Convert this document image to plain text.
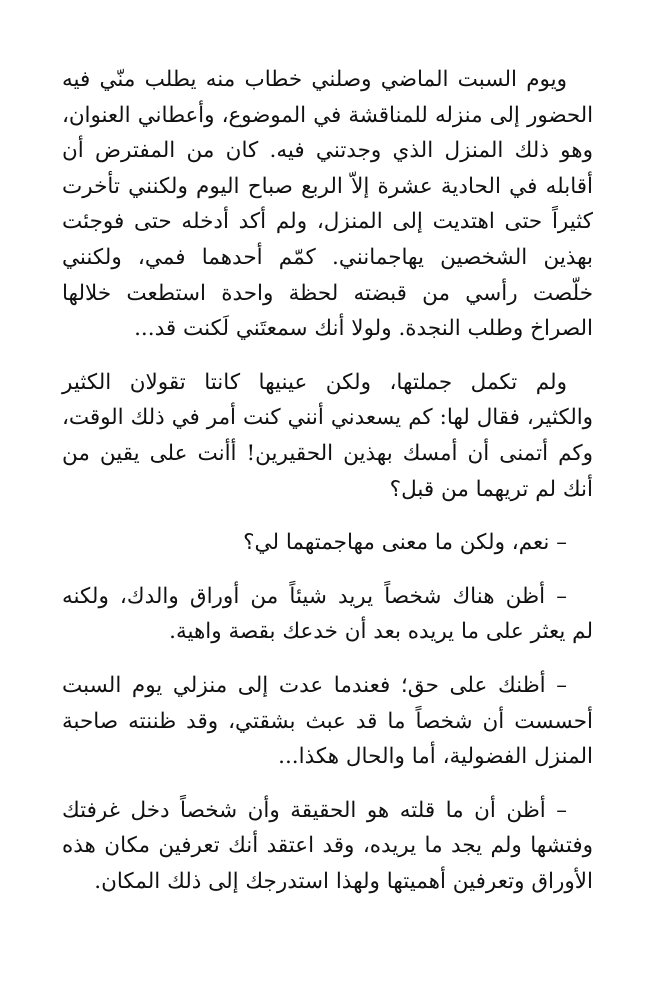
ويوم السبت الماضي وصلني خطاب منه يطلب منّي فيه
الحضور إلى منزله للمناقشة في الموضوع، وأعطاني العنوان،
وهو ذلك المنزل الذي وجدتني فيه. كان من المفترض أن
أقابله في الحادية عشرة إلاّ الربع صباح اليوم ولكنني تأخرت
كثيراً حتى اهتديت إلى المنزل، ولم أكد أدخله حتى فوجئت
بهذين الشخصين يهاجمانني. كمّم أحدهما فمي، ولكنني
خلّصت رأسي من قبضته لحظة واحدة استطعت خلالها
الصراخ وطلب النجدة. ولولا أنك سمعتَني لَكنت قد...

ولم تكمل جملتها، ولكن عينيها كانتا تقولان الكثير
والكثير، فقال لها: كم يسعدني أنني كنت أمر في ذلك الوقت،
وكم أتمنى أن أمسك بهذين الحقيرين! أأنت على يقين من
أنك لم تريهما من قبل؟

– نعم، ولكن ما معنى مهاجمتهما لي؟

– أظن هناك شخصاً يريد شيئاً من أوراق والدك، ولكنه
لم يعثر على ما يريده بعد أن خدعك بقصة واهية.

– أظنك على حق؛ فعندما عدت إلى منزلي يوم السبت
أحسست أن شخصاً ما قد عبث بشقتي، وقد ظننته صاحبة
المنزل الفضولية، أما والحال هكذا...

– أظن أن ما قلته هو الحقيقة وأن شخصاً دخل غرفتك
وفتشها ولم يجد ما يريده، وقد اعتقد أنك تعرفين مكان هذه
الأوراق وتعرفين أهميتها ولهذا استدرجك إلى ذلك المكان.
